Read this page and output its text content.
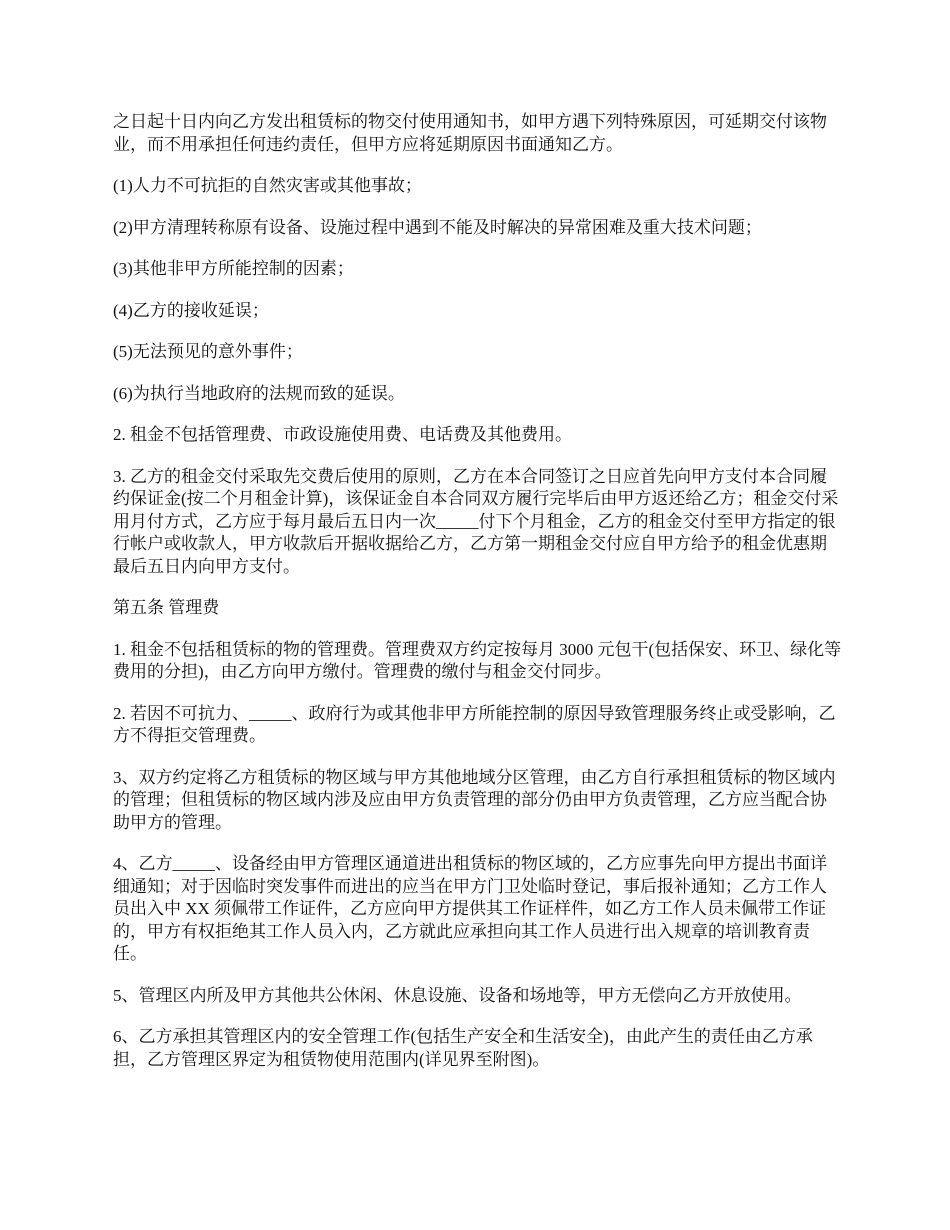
之日起十日内向乙方发出租赁标的物交付使用通知书，如甲方遇下列特殊原因，可延期交付该物业，而不用承担任何违约责任，但甲方应将延期原因书面通知乙方。

(1)人力不可抗拒的自然灾害或其他事故；

(2)甲方清理转称原有设备、设施过程中遇到不能及时解决的异常困难及重大技术问题；

(3)其他非甲方所能控制的因素；

(4)乙方的接收延误；

(5)无法预见的意外事件；

(6)为执行当地政府的法规而致的延误。

2. 租金不包括管理费、市政设施使用费、电话费及其他费用。

3. 乙方的租金交付采取先交费后使用的原则，乙方在本合同签订之日应首先向甲方支付本合同履约保证金(按二个月租金计算)，该保证金自本合同双方履行完毕后由甲方返还给乙方；租金交付采用月付方式，乙方应于每月最后五日内一次_____付下个月租金，乙方的租金交付至甲方指定的银行帐户或收款人，甲方收款后开据收据给乙方，乙方第一期租金交付应自甲方给予的租金优惠期最后五日内向甲方支付。

第五条 管理费

1. 租金不包括租赁标的物的管理费。管理费双方约定按每月 3000 元包干(包括保安、环卫、绿化等费用的分担)，由乙方向甲方缴付。管理费的缴付与租金交付同步。

2. 若因不可抗力、_____、政府行为或其他非甲方所能控制的原因导致管理服务终止或受影响，乙方不得拒交管理费。

3、双方约定将乙方租赁标的物区域与甲方其他地域分区管理，由乙方自行承担租赁标的物区域内的管理；但租赁标的物区域内涉及应由甲方负责管理的部分仍由甲方负责管理，乙方应当配合协助甲方的管理。

4、乙方_____、设备经由甲方管理区通道进出租赁标的物区域的，乙方应事先向甲方提出书面详细通知；对于因临时突发事件而进出的应当在甲方门卫处临时登记，事后报补通知；乙方工作人员出入中 XX 须佩带工作证件，乙方应向甲方提供其工作证样件，如乙方工作人员未佩带工作证的，甲方有权拒绝其工作人员入内，乙方就此应承担向其工作人员进行出入规章的培训教育责任。

5、管理区内所及甲方其他共公休闲、休息设施、设备和场地等，甲方无偿向乙方开放使用。

6、乙方承担其管理区内的安全管理工作(包括生产安全和生活安全)，由此产生的责任由乙方承担，乙方管理区界定为租赁物使用范围内(详见界至附图)。
